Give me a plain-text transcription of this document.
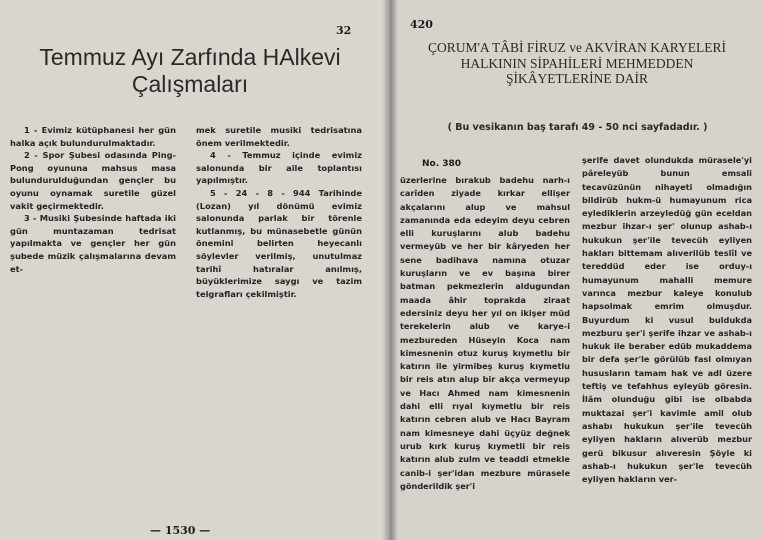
32
Temmuz Ayı Zarfında HAlkevi
Çalışmaları

1 - Evimiz kütüphanesi her gün halka açık bulundurulmaktadır.

2 - Spor Şubesi odasında Ping-Pong oyununa mahsus masa bulundurulduğundan gençler bu oyunu oynamak suretile güzel vakit geçirmektedir.

3 - Musiki Şubesinde haftada iki gün muntazaman tedrisat yapılmakta ve gençler her gün şubede müzik çalışmalarına devam et-

mek suretile musiki tedrisatına önem verilmektedir.

4 - Temmuz içinde evimiz salonunda bir aile toplantısı yapılmıştır.

5 - 24 - 8 - 944 Tarihinde (Lozan) yıl dönümü evimiz salonunda parlak bir törenle kutlanmış, bu münasebetle günün önemini belirten heyecanlı söylevler verilmiş, unutulmaz tarihî hatıralar anılmış, büyüklerimize saygı ve tazim telgrafları çekilmiştir.

— 1530 —
420
ÇORUM'A TÂBİ FİRUZ ve AKVİRAN KARYELERİ
HALKININ SİPAHİLERİ MEHMEDDEN
ŞİKÂYETLERİNE DAİR
( Bu vesikanın baş tarafı 49 - 50 nci sayfadadır. )
No. 380

üzerlerine bırakub badehu narh-ı carîden ziyade kırkar ellişer akçalarını alup ve mahsul zamanında eda edeyim deyu cebren elli kuruşlarını alub badehu vermeyüb ve her bir kâryeden her sene badihava namına otuzar kuruşların ve ev başına birer batman pekmezlerin aldugundan maada âhir toprakda ziraat edersiniz deyu her yıl on ikişer müd terekelerin alub ve karye-i mezbureden Hüseyin Koca nam kimesnenin otuz kuruş kıymetlu bir katırın ile yirmibeş kuruş kıymetlu bir reis atın alup bir akça vermeyup ve Hacı Ahmed nam kimesnenin dahi elli rıyal kıymetlu bir reis katırın cebren alub ve Hacı Bayram nam kimesneye dahi üçyüz değnek urub kırk kuruş kıymetli bir reis katırın alub zulm ve teaddi etmekle canib-i şer'idan mezbure mürasele gönderildik şer'i

şerife davet olundukda mürasele'yi pâreleyüb bunun emsali tecavüzünün nihayeti olmadığın bildirüb hukm-ü humayunum rica eylediklerin arzeyledüğ gün eceldan mezbur ihzar-ı şer' olunup ashab-ı hukukun şer'ile tevecüh eyliyen hakları bittemam alıverilüb teslîl ve tereddüd eder ise orduy-ı humayunum mahalli memure varınca mezbur kaleye konulub hapsolmak emrim olmuşdur. Buyurdum ki vusul buldukda mezburu şer'i şerife ihzar ve ashab-ı hukuk ile beraber edüb mukaddema bir defa şer'le görülüb fasl olmıyan hususların tamam hak ve adl üzere teftiş ve tefahhus eyleyüb göresin. İlâm olunduğu gibi ise olbabda muktazai şer'i kavimle amil olub ashabı hukukun şer'ile tevecüh eyliyen hakların alıverüb mezbur gerü bikusur alıveresin Şöyle ki ashab-ı hukukun şer'le tevecüh eyliyen hakların ver-
